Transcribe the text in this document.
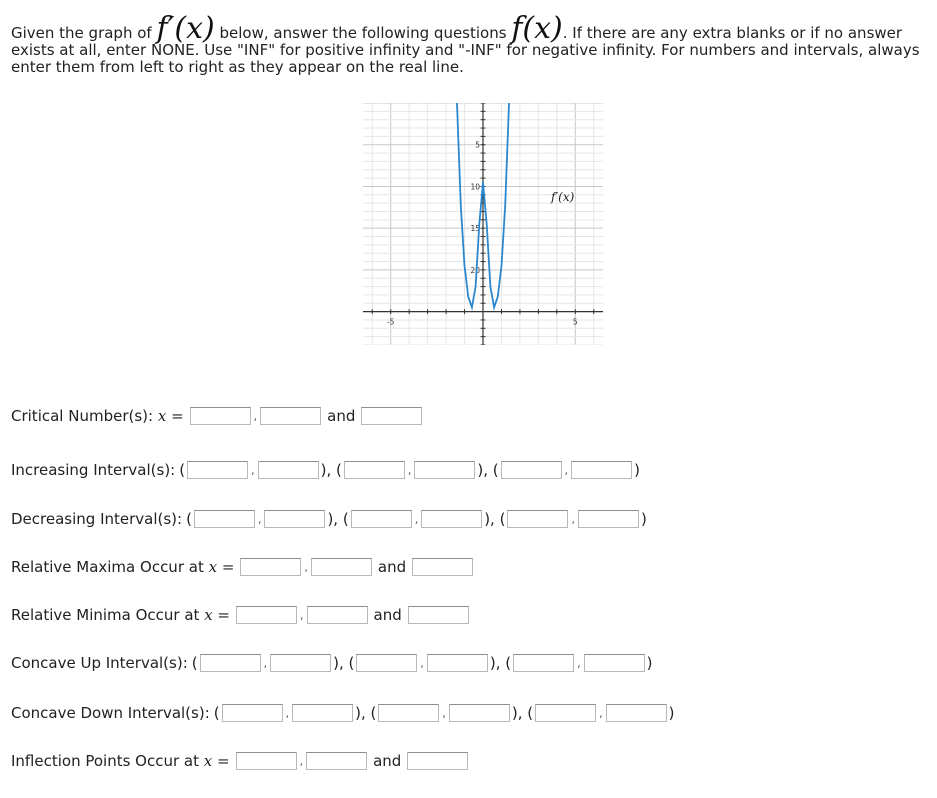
Given the graph of f′(x) below, answer the following questions f(x). If there are any extra blanks or if no answer exists at all, enter NONE. Use "INF" for positive infinity and "-INF" for negative infinity. For numbers and intervals, always enter them from left to right as they appear on the real line.
20
15
10
5
-5	5
f′(x)
Critical Number(s): x =	,	and
Increasing Interval(s): (	,	), (	,	), (	,	)
Decreasing Interval(s): (	,	), (	,	), (	,	)
Relative Maxima Occur at x =	,	and
Relative Minima Occur at x =	,	and
Concave Up Interval(s): (	,	), (	,	), (	,	)
Concave Down Interval(s): (	,	), (	,	), (	,	)
Inflection Points Occur at x =	,	and
